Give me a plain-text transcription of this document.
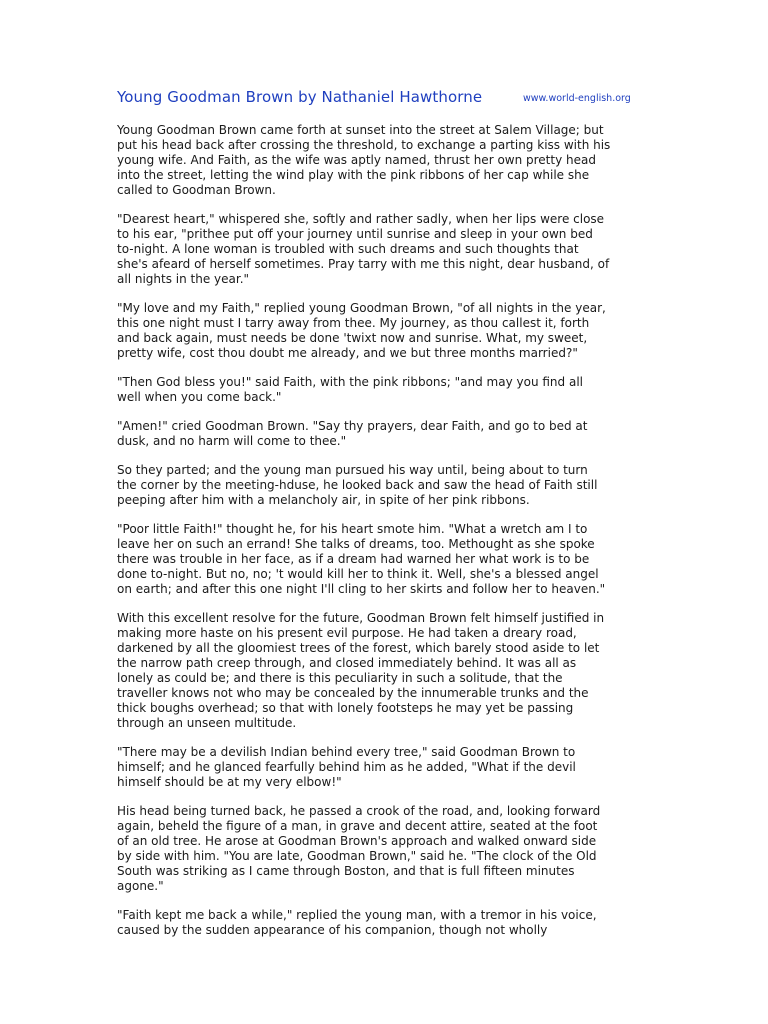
Young Goodman Brown by Nathaniel Hawthorne	www.world-english.org

Young Goodman Brown came forth at sunset into the street at Salem Village; but
put his head back after crossing the threshold, to exchange a parting kiss with his
young wife. And Faith, as the wife was aptly named, thrust her own pretty head
into the street, letting the wind play with the pink ribbons of her cap while she
called to Goodman Brown.

"Dearest heart," whispered she, softly and rather sadly, when her lips were close
to his ear, "prithee put off your journey until sunrise and sleep in your own bed
to-night. A lone woman is troubled with such dreams and such thoughts that
she's afeard of herself sometimes. Pray tarry with me this night, dear husband, of
all nights in the year."

"My love and my Faith," replied young Goodman Brown, "of all nights in the year,
this one night must I tarry away from thee. My journey, as thou callest it, forth
and back again, must needs be done 'twixt now and sunrise. What, my sweet,
pretty wife, cost thou doubt me already, and we but three months married?"

"Then God bless you!" said Faith, with the pink ribbons; "and may you find all
well when you come back."

"Amen!" cried Goodman Brown. "Say thy prayers, dear Faith, and go to bed at
dusk, and no harm will come to thee."

So they parted; and the young man pursued his way until, being about to turn
the corner by the meeting-hduse, he looked back and saw the head of Faith still
peeping after him with a melancholy air, in spite of her pink ribbons.

"Poor little Faith!" thought he, for his heart smote him. "What a wretch am I to
leave her on such an errand! She talks of dreams, too. Methought as she spoke
there was trouble in her face, as if a dream had warned her what work is to be
done to-night. But no, no; 't would kill her to think it. Well, she's a blessed angel
on earth; and after this one night I'll cling to her skirts and follow her to heaven."

With this excellent resolve for the future, Goodman Brown felt himself justified in
making more haste on his present evil purpose. He had taken a dreary road,
darkened by all the gloomiest trees of the forest, which barely stood aside to let
the narrow path creep through, and closed immediately behind. It was all as
lonely as could be; and there is this peculiarity in such a solitude, that the
traveller knows not who may be concealed by the innumerable trunks and the
thick boughs overhead; so that with lonely footsteps he may yet be passing
through an unseen multitude.

"There may be a devilish Indian behind every tree," said Goodman Brown to
himself; and he glanced fearfully behind him as he added, "What if the devil
himself should be at my very elbow!"

His head being turned back, he passed a crook of the road, and, looking forward
again, beheld the figure of a man, in grave and decent attire, seated at the foot
of an old tree. He arose at Goodman Brown's approach and walked onward side
by side with him. "You are late, Goodman Brown," said he. "The clock of the Old
South was striking as I came through Boston, and that is full fifteen minutes
agone."

"Faith kept me back a while," replied the young man, with a tremor in his voice,
caused by the sudden appearance of his companion, though not wholly
